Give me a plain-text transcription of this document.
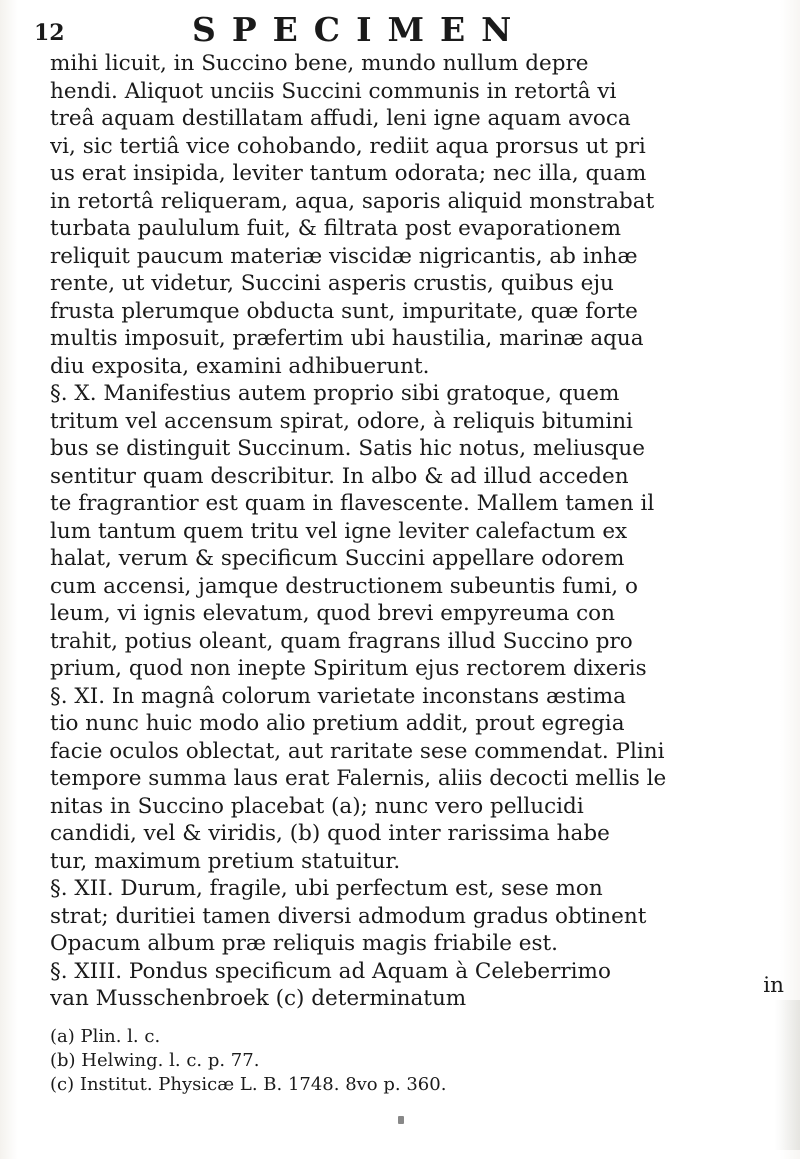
12	SPECIMEN
mihi licuit, in Succino bene, mundo nullum depre
hendi. Aliquot unciis Succini communis in retortâ vi
treâ aquam destillatam affudi, leni igne aquam avoca
vi, sic tertiâ vice cohobando, rediit aqua prorsus ut pri
us erat insipida, leviter tantum odorata; nec illa, quam
in retortâ reliqueram, aqua, saporis aliquid monstrabat
turbata paululum fuit, & filtrata post evaporationem
reliquit paucum materiæ viscidæ nigricantis, ab inhæ
rente, ut videtur, Succini asperis crustis, quibus eju
frusta plerumque obducta sunt, impuritate, quæ forte
multis imposuit, præfertim ubi haustilia, marinæ aqua
diu exposita, examini adhibuerunt.
§. X. Manifestius autem proprio sibi gratoque, quem
tritum vel accensum spirat, odore, à reliquis bitumini
bus se distinguit Succinum. Satis hic notus, meliusque
sentitur quam describitur. In albo & ad illud acceden
te fragrantior est quam in flavescente. Mallem tamen il
lum tantum quem tritu vel igne leviter calefactum ex
halat, verum & specificum Succini appellare odorem
cum accensi, jamque destructionem subeuntis fumi, o
leum, vi ignis elevatum, quod brevi empyreuma con
trahit, potius oleant, quam fragrans illud Succino pro
prium, quod non inepte Spiritum ejus rectorem dixeris
§. XI. In magnâ colorum varietate inconstans æstima
tio nunc huic modo alio pretium addit, prout egregia
facie oculos oblectat, aut raritate sese commendat. Plini
tempore summa laus erat Falernis, aliis decocti mellis le
nitas in Succino placebat (a); nunc vero pellucidi
candidi, vel & viridis, (b) quod inter rarissima habe
tur, maximum pretium statuitur.
§. XII. Durum, fragile, ubi perfectum est, sese mon
strat; duritiei tamen diversi admodum gradus obtinent
Opacum album præ reliquis magis friabile est.
§. XIII. Pondus specificum ad Aquam à Celeberrimo
van Musschenbroek (c) determinatum
in
(a) Plin. l. c.
(b) Helwing. l. c. p. 77.
(c) Institut. Physicæ L. B. 1748. 8vo p. 360.
